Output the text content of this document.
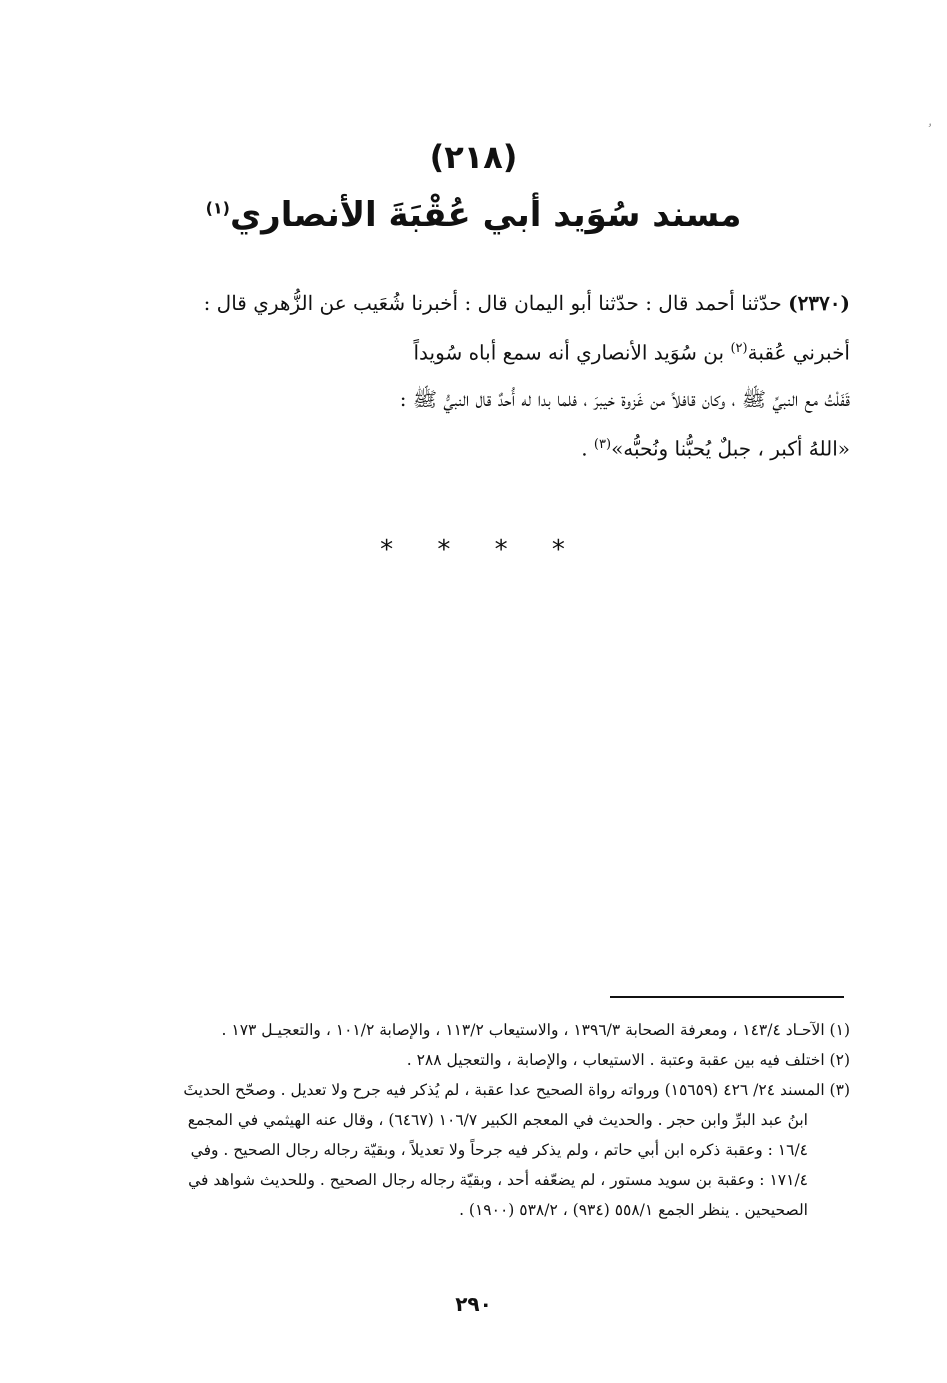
ۥ
(٢١٨)
مسند سُوَيد أبي عُقْبَةَ الأنصاري$^{(١)}$

(٢٣٧٠) حدّثنا أحمد قال : حدّثنا أبو اليمان قال : أخبرنا شُعَيب عن الزُّهري قال :

أخبرني عُقبة$^{(٢)}$ بن سُوَيد الأنصاري أنه سمع أباه سُويداً

قَفَلْتُ مع النبيِّ ﷺ ، وكان قافلاً من غَزوة خيبرَ ، فلما بدا له أُحدٌ قال النبيُّ ﷺ :

«اللهُ أكبر ، جبلٌ يُحبُّنا ونُحبُّه»$^{(٣)}$ .

* * * *

(١) الآحـاد ١٤٣/٤ ، ومعرفة الصحابة ١٣٩٦/٣ ، والاستيعاب ١١٣/٢ ، والإصابة ١٠١/٢ ، والتعجيـل ١٧٣ .

(٢) اختلف فيه بين عقبة وعتبة . الاستيعاب ، والإصابة ، والتعجيل ٢٨٨ .

(٣) المسند ٢٤/ ٤٢٦ (١٥٦٥٩) ورواته رواة الصحيح عدا عقبة ، لم يُذكر فيه جرح ولا تعديل . وصحّح الحديثَ

ابنُ عبد البرِّ وابن حجر . والحديث في المعجم الكبير ١٠٦/٧ (٦٤٦٧) ، وقال عنه الهيثمي في المجمع

١٦/٤ : وعقبة ذكره ابن أبي حاتم ، ولم يذكر فيه جرحاً ولا تعديلاً ، وبقيّة رجاله رجال الصحيح . وفي

١٧١/٤ : وعقبة بن سويد مستور ، لم يضعّفه أحد ، وبقيّة رجاله رجال الصحيح . وللحديث شواهد في

الصحيحين . ينظر الجمع ٥٥٨/١ (٩٣٤) ، ٥٣٨/٢ (١٩٠٠) .

٢٩٠
